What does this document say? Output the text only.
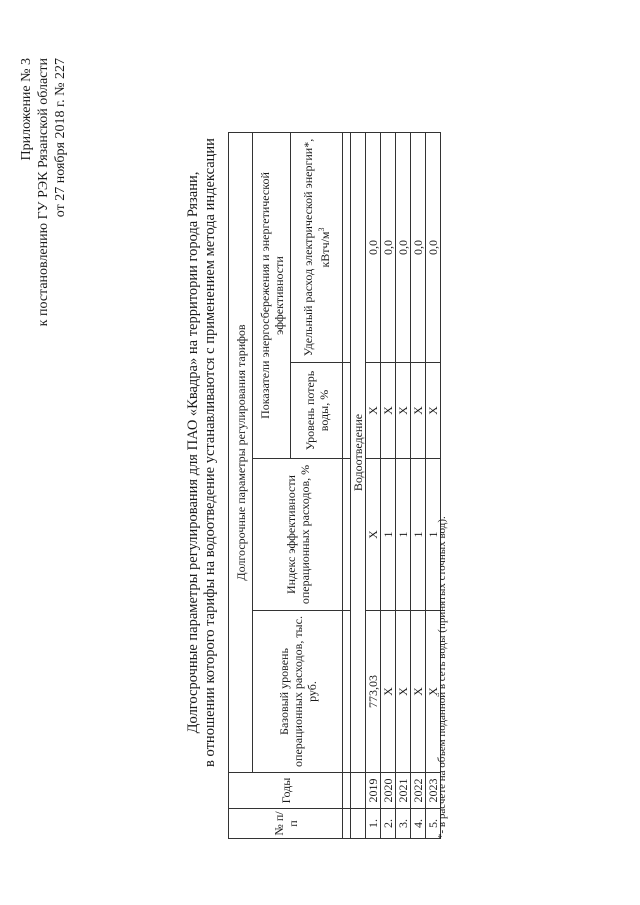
Приложение № 3 к постановлению ГУ РЭК Рязанской области от 27 ноября 2018 г. № 227
Долгосрочные параметры регулирования для ПАО «Квадра» на территории города Рязани, в отношении которого тарифы на водоотведение устанавливаются с применением метода индексации
№ п/п	Годы	Долгосрочные параметры регулирования тарифов			
		Базовый уровень операционных расходов, тыс. руб.	Индекс эффективности операционных расходов, %	Показатели энергосбережения и энергетической эффективности	
				Уровень потерь воды, %	Удельный расход электрической энергии*, кВтч/$м^3$

		Водоотведение			
1.	2019	773,03	Х	Х	0,0
2.	2020	Х	1	Х	0,0
3.	2021	Х	1	Х	0,0
4.	2022	Х	1	Х	0,0
5.	2023	Х	1	Х	0,0
*- в расчете на объем поданной в сеть воды (принятых сточных вод).
